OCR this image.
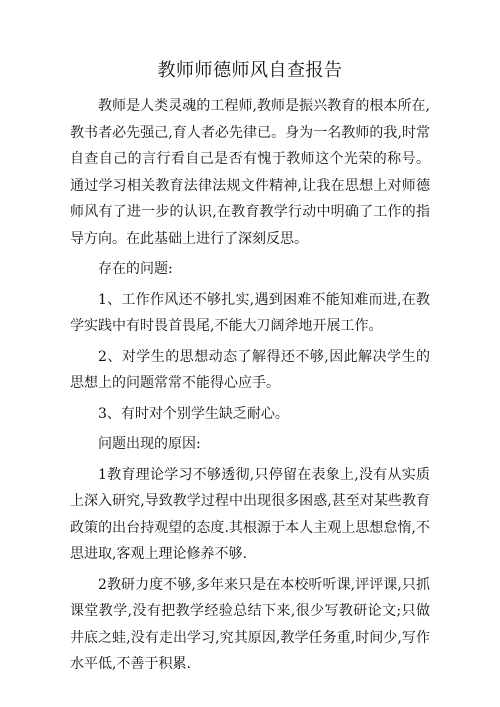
教师师德师风自查报告

教师是人类灵魂的工程师,教师是振兴教育的根本所在,教书者必先强己,育人者必先律已。身为一名教师的我,时常自查自己的言行看自己是否有愧于教师这个光荣的称号。通过学习相关教育法律法规文件精神,让我在思想上对师德师风有了进一步的认识,在教育教学行动中明确了工作的指导方向。在此基础上进行了深刻反思。

存在的问题:

1、工作作风还不够扎实,遇到困难不能知难而进,在教学实践中有时畏首畏尾,不能大刀阔斧地开展工作。

2、对学生的思想动态了解得还不够,因此解决学生的思想上的问题常常不能得心应手。

3、有时对个别学生缺乏耐心。

问题出现的原因:

1教育理论学习不够透彻,只停留在表象上,没有从实质上深入研究,导致教学过程中出现很多困惑,甚至对某些教育政策的出台持观望的态度.其根源于本人主观上思想怠惰,不思进取,客观上理论修养不够.

2教研力度不够,多年来只是在本校听听课,评评课,只抓课堂教学,没有把教学经验总结下来,很少写教研论文;只做井底之蛙,没有走出学习,究其原因,教学任务重,时间少,写作水平低,不善于积累.
